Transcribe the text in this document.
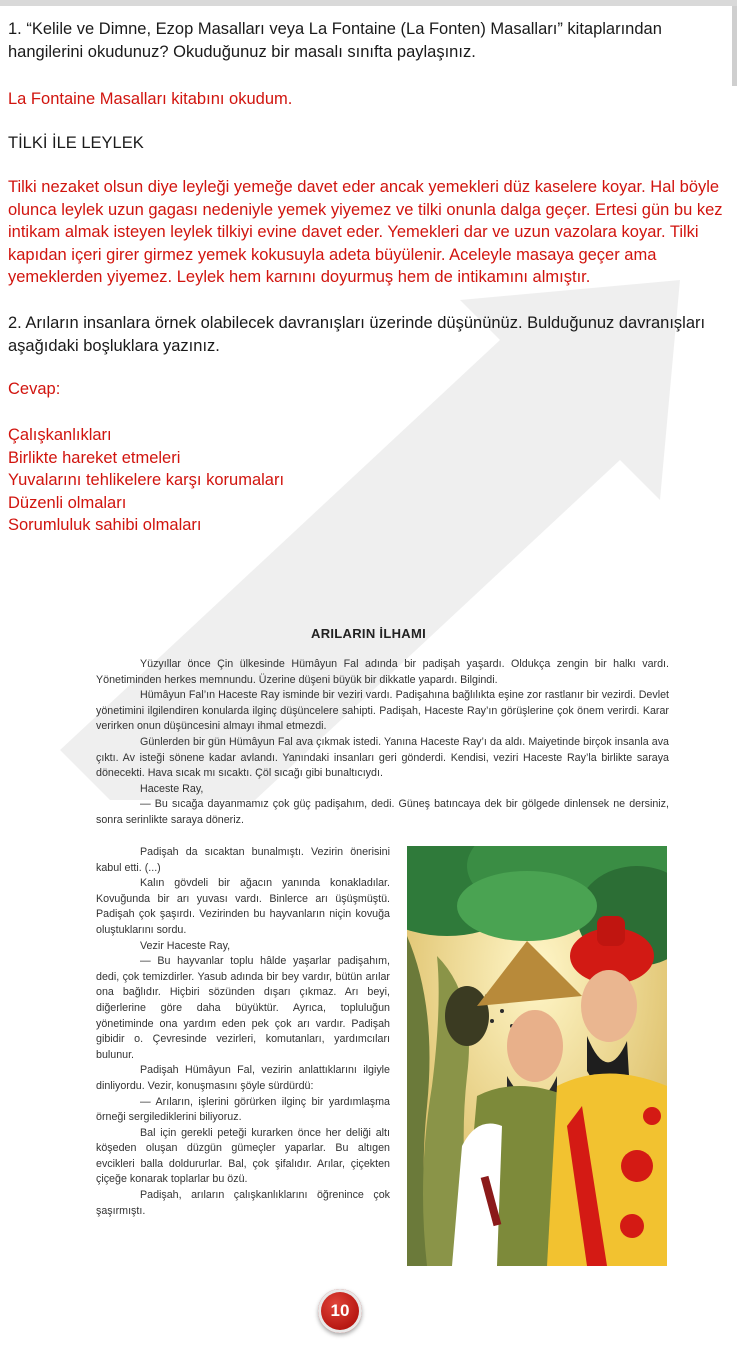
1. “Kelile ve Dimne, Ezop Masalları veya La Fontaine (La Fonten) Masalları” kitaplarından hangilerini okudunuz? Okuduğunuz bir masalı sınıfta paylaşınız.

La Fontaine Masalları kitabını okudum.

TİLKİ İLE LEYLEK

Tilki nezaket olsun diye leyleği yemeğe davet eder ancak yemekleri düz kaselere koyar. Hal böyle olunca leylek uzun gagası nedeniyle yemek yiyemez ve tilki onunla dalga geçer. Ertesi gün bu kez intikam almak isteyen leylek tilkiyi evine davet eder. Yemekleri dar ve uzun vazolara koyar. Tilki kapıdan içeri girer girmez yemek kokusuyla adeta büyülenir. Aceleyle masaya geçer ama yemeklerden yiyemez. Leylek hem karnını doyurmuş hem de intikamını almıştır.

2. Arıların insanlara örnek olabilecek davranışları üzerinde düşününüz. Bulduğunuz davranışları aşağıdaki boşluklara yazınız.

Cevap:

Çalışkanlıkları
Birlikte hareket etmeleri
Yuvalarını tehlikelere karşı korumaları
Düzenli olmaları
Sorumluluk sahibi olmaları
ARILARIN İLHAMI

Yüzyıllar önce Çin ülkesinde Hümâyun Fal adında bir padişah yaşardı. Oldukça zengin bir halkı vardı. Yönetiminden herkes memnundu. Üzerine düşeni büyük bir dikkatle yapardı. Bilgindi.

Hümâyun Fal’ın Haceste Ray isminde bir veziri vardı. Padişahına bağlılıkta eşine zor rastlanır bir vezirdi. Devlet yönetimini ilgilendiren konularda ilginç düşüncelere sahipti. Padişah, Haceste Ray’ın görüşlerine çok önem verirdi. Karar verirken onun düşüncesini almayı ihmal etmezdi.

Günlerden bir gün Hümâyun Fal ava çıkmak istedi. Yanına Haceste Ray’ı da aldı. Maiyetinde birçok insanla ava çıktı. Av isteği sönene kadar avlandı. Yanındaki insanları geri gönderdi. Kendisi, veziri Haceste Ray’la birlikte saraya dönecekti. Hava sıcak mı sıcaktı. Çöl sıcağı gibi bunaltıcıydı.

Haceste Ray,

— Bu sıcağa dayanmamız çok güç padişahım, dedi. Güneş batıncaya dek bir gölgede dinlensek ne dersiniz, sonra serinlikte saraya döneriz.

Padişah da sıcaktan bunalmıştı. Vezirin önerisini kabul etti. (...)

Kalın gövdeli bir ağacın yanında konakladılar. Kovuğunda bir arı yuvası vardı. Binlerce arı üşüşmüştü. Padişah çok şaşırdı. Vezirinden bu hayvanların niçin kovuğa oluştuklarını sordu.

Vezir Haceste Ray,

— Bu hayvanlar toplu hâlde yaşarlar padişahım, dedi, çok temizdirler. Yasub adında bir bey vardır, bütün arılar ona bağlıdır. Hiçbiri sözünden dışarı çıkmaz. Arı beyi, diğerlerine göre daha büyüktür. Ayrıca, topluluğun yönetiminde ona yardım eden pek çok arı vardır. Padişah gibidir o. Çevresinde vezirleri, komutanları, yardımcıları bulunur.

Padişah Hümâyun Fal, vezirin anlattıklarını ilgiyle dinliyordu. Vezir, konuşmasını şöyle sürdürdü:

— Arıların, işlerini görürken ilginç bir yardımlaşma örneği sergilediklerini biliyoruz.

Bal için gerekli peteği kurarken önce her deliği altı köşeden oluşan düzgün gümeçler yaparlar. Bu altıgen evcikleri balla doldururlar. Bal, çok şifalıdır. Arılar, çiçekten çiçeğe konarak toplarlar bu özü.

Padişah, arıların çalışkanlıklarını öğrenince çok şaşırmıştı.

10
